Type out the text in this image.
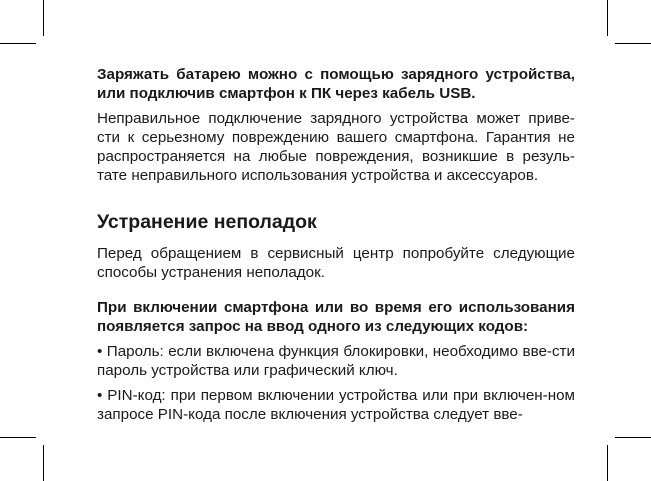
Заряжать батарею можно с помощью зарядного устройства, или подключив смартфон к ПК через кабель USB.

Неправильное подключение зарядного устройства может приве-сти к серьезному повреждению вашего смартфона. Гарантия не распространяется на любые повреждения, возникшие в резуль-тате неправильного использования устройства и аксессуаров.

Устранение неполадок

Перед обращением в сервисный центр попробуйте следующие способы устранения неполадок.

При включении смартфона или во время его использования появляется запрос на ввод одного из следующих кодов:

• Пароль: если включена функция блокировки, необходимо вве-сти пароль устройства или графический ключ.

• PIN-код: при первом включении устройства или при включен-ном запросе PIN-кода после включения устройства следует вве-
